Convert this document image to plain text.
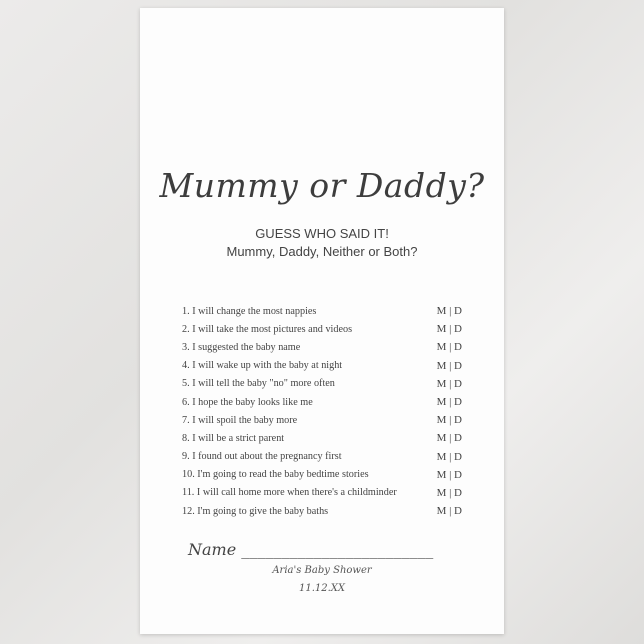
Mummy or Daddy?
GUESS WHO SAID IT!
Mummy, Daddy, Neither or Both?
1. I will change the most nappies	M | D
2. I will take the most pictures and videos	M | D
3. I suggested the baby name	M | D
4. I will wake up with the baby at night	M | D
5. I will tell the baby "no" more often	M | D
6. I hope the baby looks like me	M | D
7. I will spoil the baby more	M | D
8. I will be a strict parent	M | D
9. I found out about the pregnancy first	M | D
10. I'm going to read the baby bedtime stories	M | D
11. I will call home more when there's a childminder	M | D
12. I'm going to give the baby baths	M | D
Name ________________________
Aria's Baby Shower
11.12.XX
